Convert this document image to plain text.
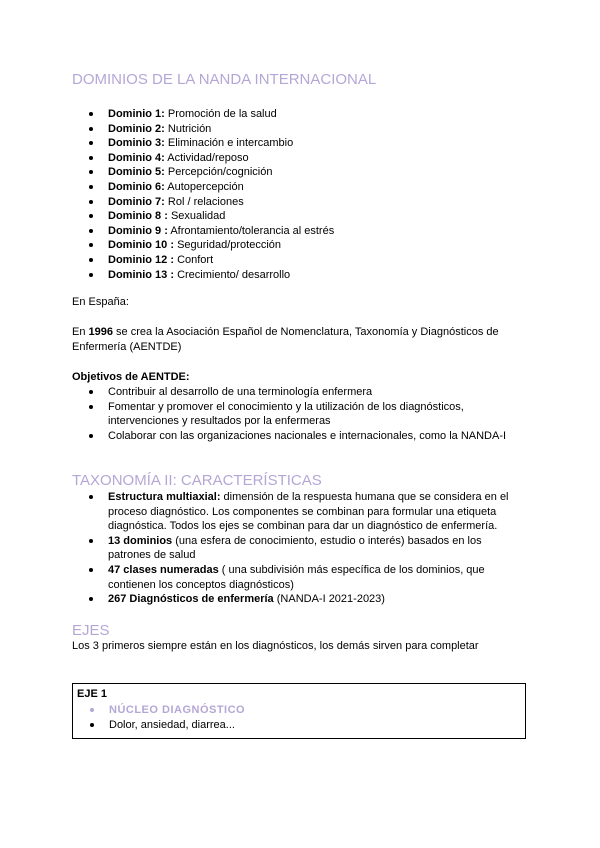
DOMINIOS DE LA NANDA INTERNACIONAL
Dominio 1: Promoción de la salud
Dominio 2: Nutrición
Dominio 3: Eliminación e intercambio
Dominio 4: Actividad/reposo
Dominio 5: Percepción/cognición
Dominio 6: Autopercepción
Dominio 7: Rol / relaciones
Dominio 8 : Sexualidad
Dominio 9 : Afrontamiento/tolerancia al estrés
Dominio 10 : Seguridad/protección
Dominio 12 : Confort
Dominio 13 : Crecimiento/ desarrollo
En España:
En 1996 se crea la Asociación Español de Nomenclatura, Taxonomía y Diagnósticos de Enfermería (AENTDE)
Objetivos de AENTDE:
Contribuir al desarrollo de una terminología enfermera
Fomentar y promover el conocimiento y la utilización de los diagnósticos, intervenciones y resultados por la enfermeras
Colaborar con las organizaciones nacionales e internacionales, como la NANDA-I
TAXONOMÍA II: CARACTERÍSTICAS
Estructura multiaxial: dimensión de la respuesta humana que se considera en el proceso diagnóstico. Los componentes se combinan para formular una etiqueta diagnóstica. Todos los ejes se combinan para dar un diagnóstico de enfermería.
13 dominios (una esfera de conocimiento, estudio o interés) basados en los patrones de salud
47 clases numeradas ( una subdivisión más específica de los dominios, que contienen los conceptos diagnósticos)
267 Diagnósticos de enfermería (NANDA-I 2021-2023)
EJES
Los 3 primeros siempre están en los diagnósticos, los demás sirven para completar
EJE 1
NÚCLEO DIAGNÓSTICO
Dolor, ansiedad, diarrea...
